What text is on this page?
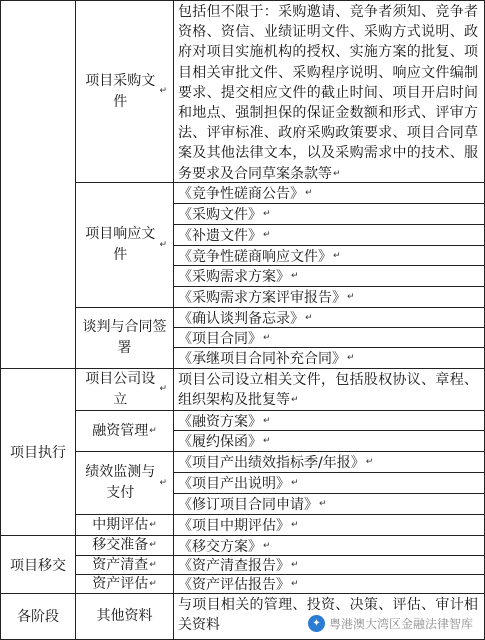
项目执行
项目移交
各阶段
项目采购文件
↵
项目响应文件
↵
谈判与合同签署
项目公司设立
↵
融资管理 ↵
绩效监测与支付
↵
中期评估 ↵
移交准备 ↵
资产清查 ↵
资产评估 ↵
其他资料
包括但不限于：采购邀请、竞争者须知、竞争者资格、资信、业绩证明文件、采购方式说明、政府对项目实施机构的授权、实施方案的批复、项目相关审批文件、采购程序说明、响应文件编制要求、提交相应文件的截止时间、项目开启时间和地点、强制担保的保证金数额和形式、评审方法、评审标准、政府采购政策要求、项目合同草案及其他法律文本，以及采购需求中的技术、服务要求及合同草案条款等↵
项目公司设立相关文件，包括股权协议、章程、组织架构及批复等↵
与项目相关的管理、投资、决策、评估、审计相关资料
《竞争性磋商公告》 ↵
《采购文件》 ↵
《补遗文件》 ↵
《竞争性磋商响应文件》 ↵
《采购需求方案》 ↵
《采购需求方案评审报告》 ↵
《确认谈判备忘录》 ↵
《项目合同》 ↵
《承继项目合同补充合同》 ↵
《融资方案》 ↵
《履约保函》 ↵
《项目产出绩效指标季/年报》 ↵
《项目产出说明》 ↵
《修订项目合同申请》 ↵
《项目中期评估》 ↵
《移交方案》 ↵
《资产清查报告》 ↵
《资产评估报告》 ↵
✦ 粤港澳大湾区金融法律智库
